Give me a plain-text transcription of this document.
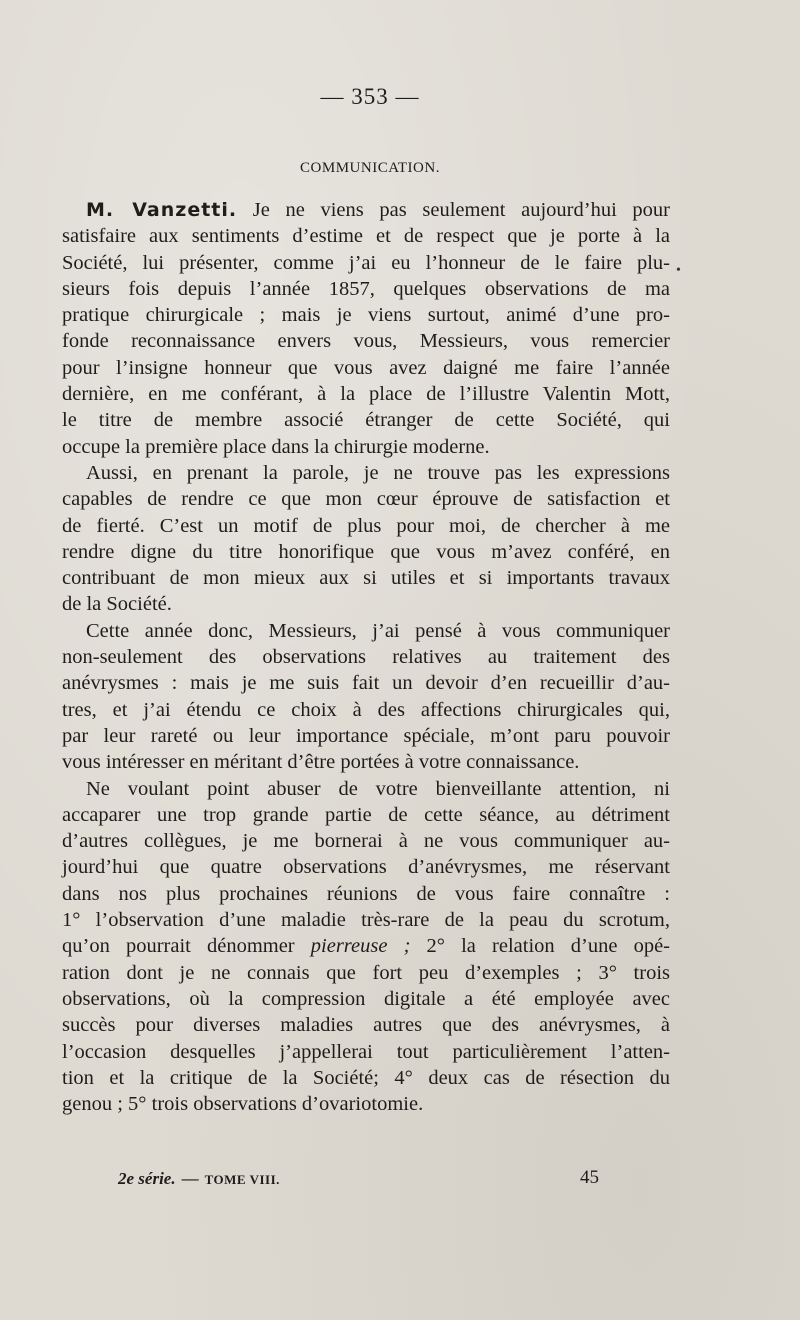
— 353 —
COMMUNICATION.
•
M. Vanzetti. Je ne viens pas seulement aujourd’hui pour
satisfaire aux sentiments d’estime et de respect que je porte à la
Société, lui présenter, comme j’ai eu l’honneur de le faire plu-
sieurs fois depuis l’année 1857, quelques observations de ma
pratique chirurgicale ; mais je viens surtout, animé d’une pro-
fonde reconnaissance envers vous, Messieurs, vous remercier
pour l’insigne honneur que vous avez daigné me faire l’année
dernière, en me conférant, à la place de l’illustre Valentin Mott,
le titre de membre associé étranger de cette Société, qui
occupe la première place dans la chirurgie moderne.
Aussi, en prenant la parole, je ne trouve pas les expressions
capables de rendre ce que mon cœur éprouve de satisfaction et
de fierté. C’est un motif de plus pour moi, de chercher à me
rendre digne du titre honorifique que vous m’avez conféré, en
contribuant de mon mieux aux si utiles et si importants travaux
de la Société.
Cette année donc, Messieurs, j’ai pensé à vous communiquer
non-seulement des observations relatives au traitement des
anévrysmes : mais je me suis fait un devoir d’en recueillir d’au-
tres, et j’ai étendu ce choix à des affections chirurgicales qui,
par leur rareté ou leur importance spéciale, m’ont paru pouvoir
vous intéresser en méritant d’être portées à votre connaissance.
Ne voulant point abuser de votre bienveillante attention, ni
accaparer une trop grande partie de cette séance, au détriment
d’autres collègues, je me bornerai à ne vous communiquer au-
jourd’hui que quatre observations d’anévrysmes, me réservant
dans nos plus prochaines réunions de vous faire connaître :
1° l’observation d’une maladie très-rare de la peau du scrotum,
qu’on pourrait dénommer pierreuse ; 2° la relation d’une opé-
ration dont je ne connais que fort peu d’exemples ; 3° trois
observations, où la compression digitale a été employée avec
succès pour diverses maladies autres que des anévrysmes, à
l’occasion desquelles j’appellerai tout particulièrement l’atten-
tion et la critique de la Société; 4° deux cas de résection du
genou ; 5° trois observations d’ovariotomie.
2e série. — TOME VIII.	45
